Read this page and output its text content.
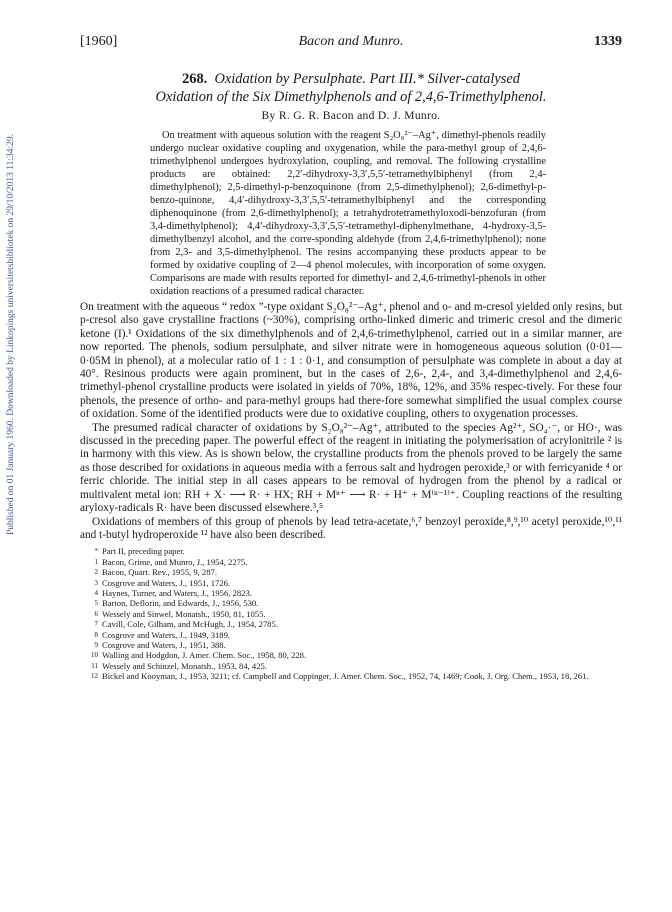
Published on 01 January 1960. Downloaded by Linkopings universitetsbibliotek on 29/10/2013 11:34:29.
[1960]	Bacon and Munro.	1339
268. Oxidation by Persulphate. Part III.* Silver-catalysed
Oxidation of the Six Dimethylphenols and of 2,4,6-Trimethylphenol.
By R. G. R. Bacon and D. J. Munro.
On treatment with aqueous solution with the reagent S₂O₈²⁻–Ag⁺, dimethyl-phenols readily undergo nuclear oxidative coupling and oxygenation, while the para-methyl group of 2,4,6-trimethylphenol undergoes hydroxylation, coupling, and removal. The following crystalline products are obtained: 2,2′-dihydroxy-3,3′,5,5′-tetramethylbiphenyl (from 2,4-dimethylphenol); 2,5-dimethyl-p-benzoquinone (from 2,5-dimethylphenol); 2,6-dimethyl-p-benzo-quinone, 4,4′-dihydroxy-3,3′,5,5′-tetramethylbiphenyl and the corresponding diphenoquinone (from 2,6-dimethylphenol); a tetrahydrotetramethyloxodi-benzofuran (from 3,4-dimethylphenol); 4,4′-dihydroxy-3,3′,5,5′-tetramethyl-diphenylmethane, 4-hydroxy-3,5-dimethylbenzyl alcohol, and the corre-sponding aldehyde (from 2,4,6-trimethylphenol); none from 2,3- and 3,5-dimethylphenol. The resins accompanying these products appear to be formed by oxidative coupling of 2—4 phenol molecules, with incorporation of some oxygen. Comparisons are made with results reported for dimethyl- and 2,4,6-trimethyl-phenols in other oxidation reactions of a presumed radical character.

On treatment with the aqueous “ redox ”-type oxidant S₂O₈²⁻–Ag⁺, phenol and o- and m-cresol yielded only resins, but p-cresol also gave crystalline fractions (~30%), comprising ortho-linked dimeric and trimeric cresol and the dimeric ketone (I).¹ Oxidations of the six dimethylphenols and of 2,4,6-trimethylphenol, carried out in a similar manner, are now reported. The phenols, sodium persulphate, and silver nitrate were in homogeneous aqueous solution (0·01—0·05M in phenol), at a molecular ratio of 1 : 1 : 0·1, and consumption of persulphate was complete in about a day at 40°. Resinous products were again prominent, but in the cases of 2,6-, 2,4-, and 3,4-dimethylphenol and 2,4,6-trimethyl-phenol crystalline products were isolated in yields of 70%, 18%, 12%, and 35% respec-tively. For these four phenols, the presence of ortho- and para-methyl groups had there-fore somewhat simplified the usual complex course of oxidation. Some of the identified products were due to oxidative coupling, others to oxygenation processes.

The presumed radical character of oxidations by S₂O₈²⁻–Ag⁺, attributed to the species Ag²⁺, SO₄·⁻, or HO·, was discussed in the preceding paper. The powerful effect of the reagent in initiating the polymerisation of acrylonitrile ² is in harmony with this view. As is shown below, the crystalline products from the phenols proved to be largely the same as those described for oxidations in aqueous media with a ferrous salt and hydrogen peroxide,³ or with ferricyanide ⁴ or ferric chloride. The initial step in all cases appears to be removal of hydrogen from the phenol by a radical or multivalent metal ion: RH + X· ⟶ R· + HX; RH + Mⁿ⁺ ⟶ R· + H⁺ + M⁽ⁿ⁻¹⁾⁺. Coupling reactions of the resulting aryloxy-radicals R· have been discussed elsewhere.³,⁵

Oxidations of members of this group of phenols by lead tetra-acetate,⁶,⁷ benzoyl peroxide,⁸,⁹,¹⁰ acetyl peroxide,¹⁰,¹¹ and t-butyl hydroperoxide ¹² have also been described.

* Part II, preceding paper.
1 Bacon, Grime, and Munro, J., 1954, 2275.
2 Bacon, Quart. Rev., 1955, 9, 287.
3 Cosgrove and Waters, J., 1951, 1726.
4 Haynes, Turner, and Waters, J., 1956, 2823.
5 Barton, Deflorin, and Edwards, J., 1956, 530.
6 Wessely and Sinwel, Monatsh., 1950, 81, 1055.
7 Cavill, Cole, Gilham, and McHugh, J., 1954, 2785.
8 Cosgrove and Waters, J., 1949, 3189.
9 Cosgrove and Waters, J., 1951, 388.
10 Walling and Hodgdon, J. Amer. Chem. Soc., 1958, 80, 228.
11 Wessely and Schinzel, Monatsh., 1953, 84, 425.
12 Bickel and Kooyman, J., 1953, 3211; cf. Campbell and Coppinger, J. Amer. Chem. Soc., 1952, 74, 1469; Cook, J. Org. Chem., 1953, 18, 261.
